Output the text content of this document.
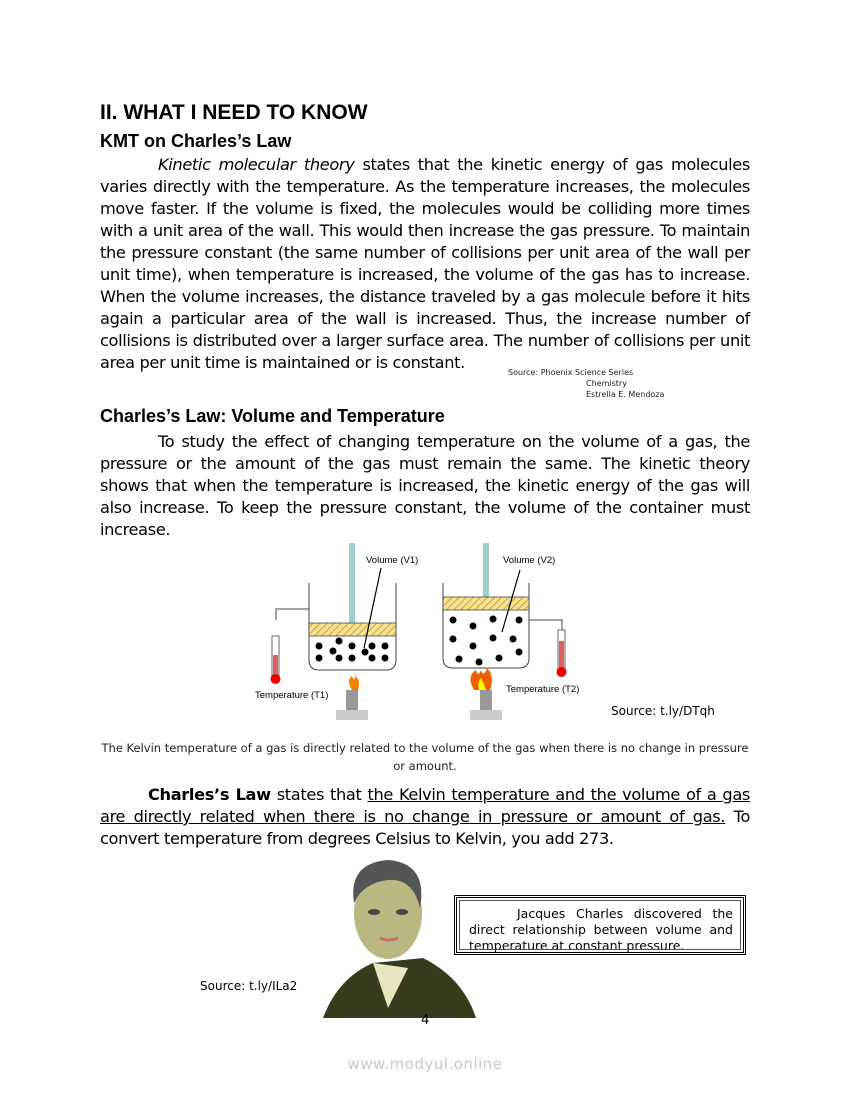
II. WHAT I NEED TO KNOW
KMT on Charles’s Law
Kinetic molecular theory states that the kinetic energy of gas molecules varies directly with the temperature. As the temperature increases, the molecules move faster. If the volume is fixed, the molecules would be colliding more times with a unit area of the wall. This would then increase the gas pressure. To maintain the pressure constant (the same number of collisions per unit area of the wall per unit time), when temperature is increased, the volume of the gas has to increase. When the volume increases, the distance traveled by a gas molecule before it hits again a particular area of the wall is increased. Thus, the increase number of collisions is distributed over a larger surface area. The number of collisions per unit area per unit time is maintained or is constant.
Source: Phoenix Science Series
Chemistry
Estrella E. Mendoza
Charles’s Law: Volume and Temperature
To study the effect of changing temperature on the volume of a gas, the pressure or the amount of the gas must remain the same. The kinetic theory shows that when the temperature is increased, the kinetic energy of the gas will also increase. To keep the pressure constant, the volume of the container must increase.
Volume (V1)	Volume (V2)
Temperature (T1)
Temperature (T2)
Source: t.ly/DTqh
The Kelvin temperature of a gas is directly related to the volume of the gas when there is no change in pressure or amount.
Charles’s Law states that the Kelvin temperature and the volume of a gas are directly related when there is no change in pressure or amount of gas. To convert temperature from degrees Celsius to Kelvin, you add 273.
Jacques Charles discovered the direct relationship between volume and temperature at constant pressure.
Source: t.ly/ILa2
4
www.modyul.online
